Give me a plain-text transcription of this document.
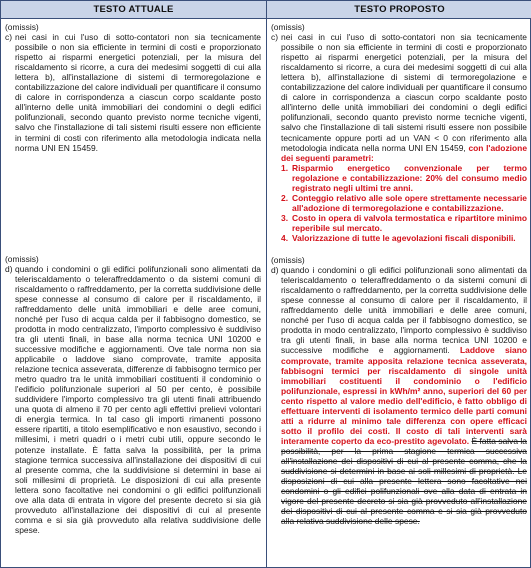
TESTO ATTUALE	TESTO PROPOSTO

(omissis)

c) nei casi in cui l'uso di sotto-contatori non sia tecnicamente possibile o non sia efficiente in termini di costi e proporzionato rispetto ai risparmi energetici potenziali, per la misura del riscaldamento si ricorre, a cura dei medesimi soggetti di cui alla lettera b), all'installazione di sistemi di termoregolazione e contabilizzazione del calore individuali per quantificare il consumo di calore in corrispondenza a ciascun corpo scaldante posto all'interno delle unità immobiliari dei condomini o degli edifici polifunzionali, secondo quanto previsto norme tecniche vigenti, salvo che l'installazione di tali sistemi risulti essere non efficiente in termini di costi con riferimento alla metodologia indicata nella norma UNI EN 15459.

(omissis)

d) quando i condomini o gli edifici polifunzionali sono alimentati da teleriscaldamento o teleraffreddamento o da sistemi comuni di riscaldamento o raffreddamento, per la corretta suddivisione delle spese connesse al consumo di calore per il riscaldamento, il raffreddamento delle unità immobiliari e delle aree comuni, nonché per l'uso di acqua calda per il fabbisogno domestico, se prodotta in modo centralizzato, l'importo complessivo è suddiviso tra gli utenti finali, in base alla norma tecnica UNI 10200 e successive modifiche e aggiornamenti. Ove tale norma non sia applicabile o laddove siano comprovate, tramite apposita relazione tecnica asseverata, differenze di fabbisogno termico per metro quadro tra le unità immobiliari costituenti il condominio o l'edificio polifunzionale superiori al 50 per cento, è possibile suddividere l'importo complessivo tra gli utenti finali attribuendo una quota di almeno il 70 per cento agli effettivi prelievi volontari di energia termica. In tal caso gli importi rimanenti possono essere ripartiti, a titolo esemplificativo e non esaustivo, secondo i millesimi, i metri quadri o i metri cubi utili, oppure secondo le potenze installate. È fatta salva la possibilità, per la prima stagione termica successiva all'installazione dei dispositivi di cui al presente comma, che la suddivisione si determini in base ai soli millesimi di proprietà. Le disposizioni di cui alla presente lettera sono facoltative nei condomini o gli edifici polifunzionali ove alla data di entrata in vigore del presente decreto si sia già provveduto all'installazione dei dispositivi di cui al presente comma e si sia già provveduto alla relativa suddivisione delle spese.

(omissis)

c) nei casi in cui l'uso di sotto-contatori non sia tecnicamente possibile o non sia efficiente in termini di costi e proporzionato rispetto ai risparmi energetici potenziali, per la misura del riscaldamento si ricorre, a cura dei medesimi soggetti di cui alla lettera b), all'installazione di sistemi di termoregolazione e contabilizzazione del calore individuali per quantificare il consumo di calore in corrispondenza a ciascun corpo scaldante posto all'interno delle unità immobiliari dei condomini o degli edifici polifunzionali, secondo quanto previsto norme tecniche vigenti, salvo che l'installazione di tali sistemi risulti essere non possibile tecnicamente oppure porti ad un VAN < 0 con riferimento alla metodologia indicata nella norma UNI EN 15459, con l'adozione dei seguenti parametri:
1. Risparmio energetico convenzionale per termo regolazione e contabilizzazione: 20% del consumo medio registrato negli ultimi tre anni.
2. Conteggio relativo alle sole opere strettamente necessarie all'adozione di termoregolazione e contabilizzazione.
3. Costo in opera di valvola termostatica e ripartitore minimo reperibile sul mercato.
4. Valorizzazione di tutte le agevolazioni fiscali disponibili.

(omissis)

d) quando i condomini o gli edifici polifunzionali sono alimentati da teleriscaldamento o teleraffreddamento o da sistemi comuni di riscaldamento o raffreddamento, per la corretta suddivisione delle spese connesse al consumo di calore per il riscaldamento, il raffreddamento delle unità immobiliari e delle aree comuni, nonché per l'uso di acqua calda per il fabbisogno domestico, se prodotta in modo centralizzato, l'importo complessivo è suddiviso tra gli utenti finali, in base alla norma tecnica UNI 10200 e successive modifiche e aggiornamenti. Laddove siano comprovate, tramite apposita relazione tecnica asseverata, fabbisogni termici per riscaldamento di singole unità immobiliari costituenti il condominio o l'edificio polifunzionale, espressi in kWh/m² anno, superiori del 60 per cento rispetto al valore medio dell'edificio, è fatto obbligo di effettuare interventi di isolamento termico delle parti comuni atti a ridurre al minimo tale differenza con opere efficaci sotto il profilo dei costi. Il costo di tali interventi sarà interamente coperto da eco-prestito agevolato. È fatta salva la possibilità, per la prima stagione termica successiva all'installazione dei dispositivi di cui al presente comma, che la suddivisione si determini in base ai soli millesimi di proprietà. Le disposizioni di cui alla presente lettera sono facoltative nei condomini o gli edifici polifunzionali ove alla data di entrata in vigore del presente decreto si sia già provveduto all'installazione dei dispositivi di cui al presente comma e si sia già provveduto alla relativa suddivisione delle spese.
